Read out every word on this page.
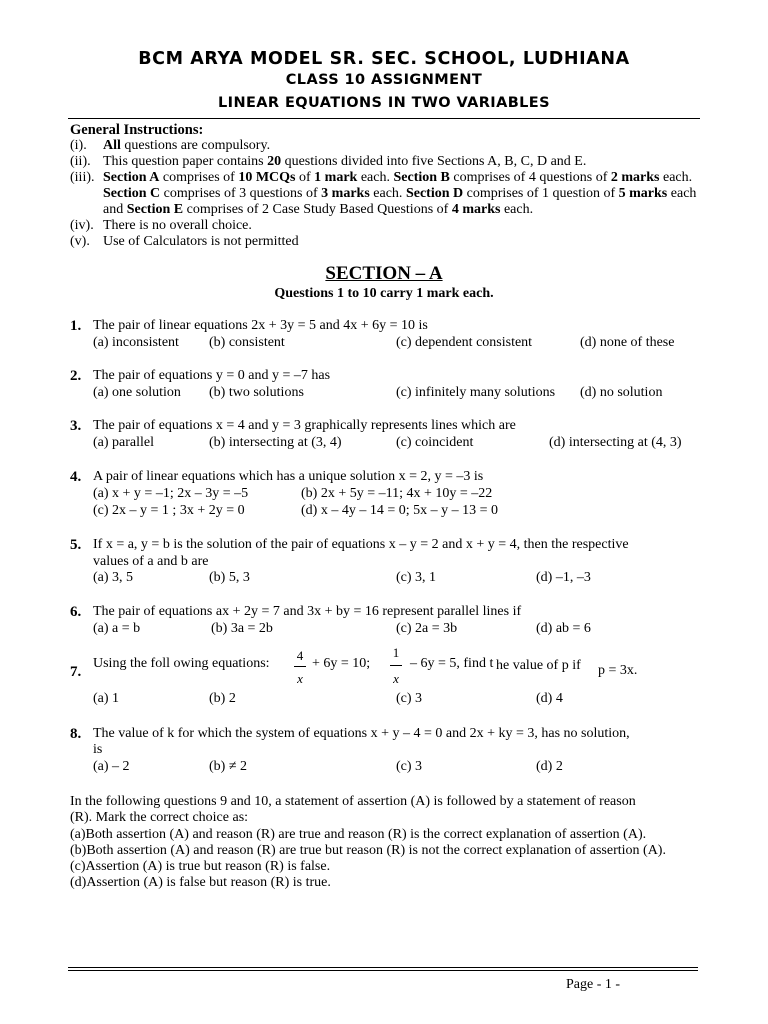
BCM ARYA MODEL SR. SEC. SCHOOL, LUDHIANA
CLASS 10 ASSIGNMENT
LINEAR EQUATIONS IN TWO VARIABLES
General Instructions:
(i).	All questions are compulsory.
(ii). This question paper contains 20 questions divided into five Sections A, B, C, D and E.
(iii). Section A comprises of 10 MCQs of 1 mark each. Section B comprises of 4 questions of 2 marks each. Section C comprises of 3 questions of 3 marks each. Section D comprises of 1 question of 5 marks each and Section E comprises of 2 Case Study Based Questions of 4 marks each.
(iv). There is no overall choice.
(v). Use of Calculators is not permitted
SECTION – A
Questions 1 to 10 carry 1 mark each.
1. The pair of linear equations 2x + 3y = 5 and 4x + 6y = 10 is
(a) inconsistent (b) consistent	(c) dependent consistent	(d) none of these
2. The pair of equations y = 0 and y = –7 has
(a) one solution (b) two solutions	(c) infinitely many solutions (d) no solution
3. The pair of equations x = 4 and y = 3 graphically represents lines which are
(a) parallel	(b) intersecting at (3, 4)	(c) coincident	(d) intersecting at (4, 3)
4. A pair of linear equations which has a unique solution x = 2, y = –3 is
(a) x + y = –1; 2x – 3y = –5	(b) 2x + 5y = –11; 4x + 10y = –22
(c) 2x – y = 1 ; 3x + 2y = 0	(d) x – 4y – 14 = 0; 5x – y – 13 = 0
5. If x = a, y = b is the solution of the pair of equations x – y = 2 and x + y = 4, then the respective
values of a and b are
(a) 3, 5	(b) 5, 3	(c) 3, 1	(d) –1, –3
6. The pair of equations ax + 2y = 7 and 3x + by = 16 represent parallel lines if
(a) a = b	(b) 3a = 2b	(c) 2a = 3b	(d) ab = 6
7.
Using the foll owing equations:
4
x
+ 6y = 10;
1
x
– 6y = 5, find t he value of p if p = 3x.
(a) 1	(b) 2	(c) 3	(d) 4
8. The value of k for which the system of equations x + y – 4 = 0 and 2x + ky = 3, has no solution,
is
(a) – 2	(b) ≠ 2	(c) 3	(d) 2
In the following questions 9 and 10, a statement of assertion (A) is followed by a statement of reason
(R). Mark the correct choice as:
(a)Both assertion (A) and reason (R) are true and reason (R) is the correct explanation of assertion (A).
(b)Both assertion (A) and reason (R) are true but reason (R) is not the correct explanation of assertion (A).
(c)Assertion (A) is true but reason (R) is false.
(d)Assertion (A) is false but reason (R) is true.
Page - 1 -
